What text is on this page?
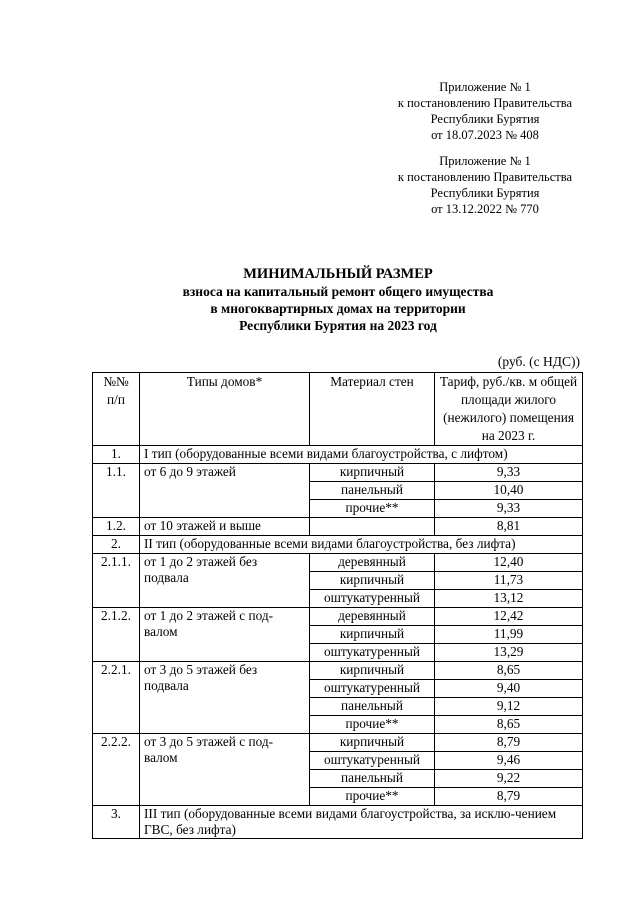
Приложение № 1
к постановлению Правительства
Республики Бурятия
от 18.07.2023 № 408
Приложение № 1
к постановлению Правительства
Республики Бурятия
от 13.12.2022 № 770
МИНИМАЛЬНЫЙ РАЗМЕР
взноса на капитальный ремонт общего имущества
в многоквартирных домах на территории
Республики Бурятия на 2023 год
(руб. (с НДС))
№№ п/п	Типы домов*	Материал стен	Тариф, руб./кв. м общей площади жилого (нежилого) помещения на 2023 г.
1.	I тип (оборудованные всеми видами благоустройства, с лифтом)		
1.1.	от 6 до 9 этажей	кирпичный	9,33
		панельный	10,40
		прочие**	9,33
1.2.	от 10 этажей и выше		8,81
2.	II тип (оборудованные всеми видами благоустройства, без лифта)		
2.1.1.	от 1 до 2 этажей без подвала	деревянный	12,40
		кирпичный	11,73
		оштукатуренный	13,12
2.1.2.	от 1 до 2 этажей с под-валом	деревянный	12,42
		кирпичный	11,99
		оштукатуренный	13,29
2.2.1.	от 3 до 5 этажей без подвала	кирпичный	8,65
		оштукатуренный	9,40
		панельный	9,12
		прочие**	8,65
2.2.2.	от 3 до 5 этажей с под-валом	кирпичный	8,79
		оштукатуренный	9,46
		панельный	9,22
		прочие**	8,79
3.	III тип (оборудованные всеми видами благоустройства, за исклю-чением ГВС, без лифта)		
